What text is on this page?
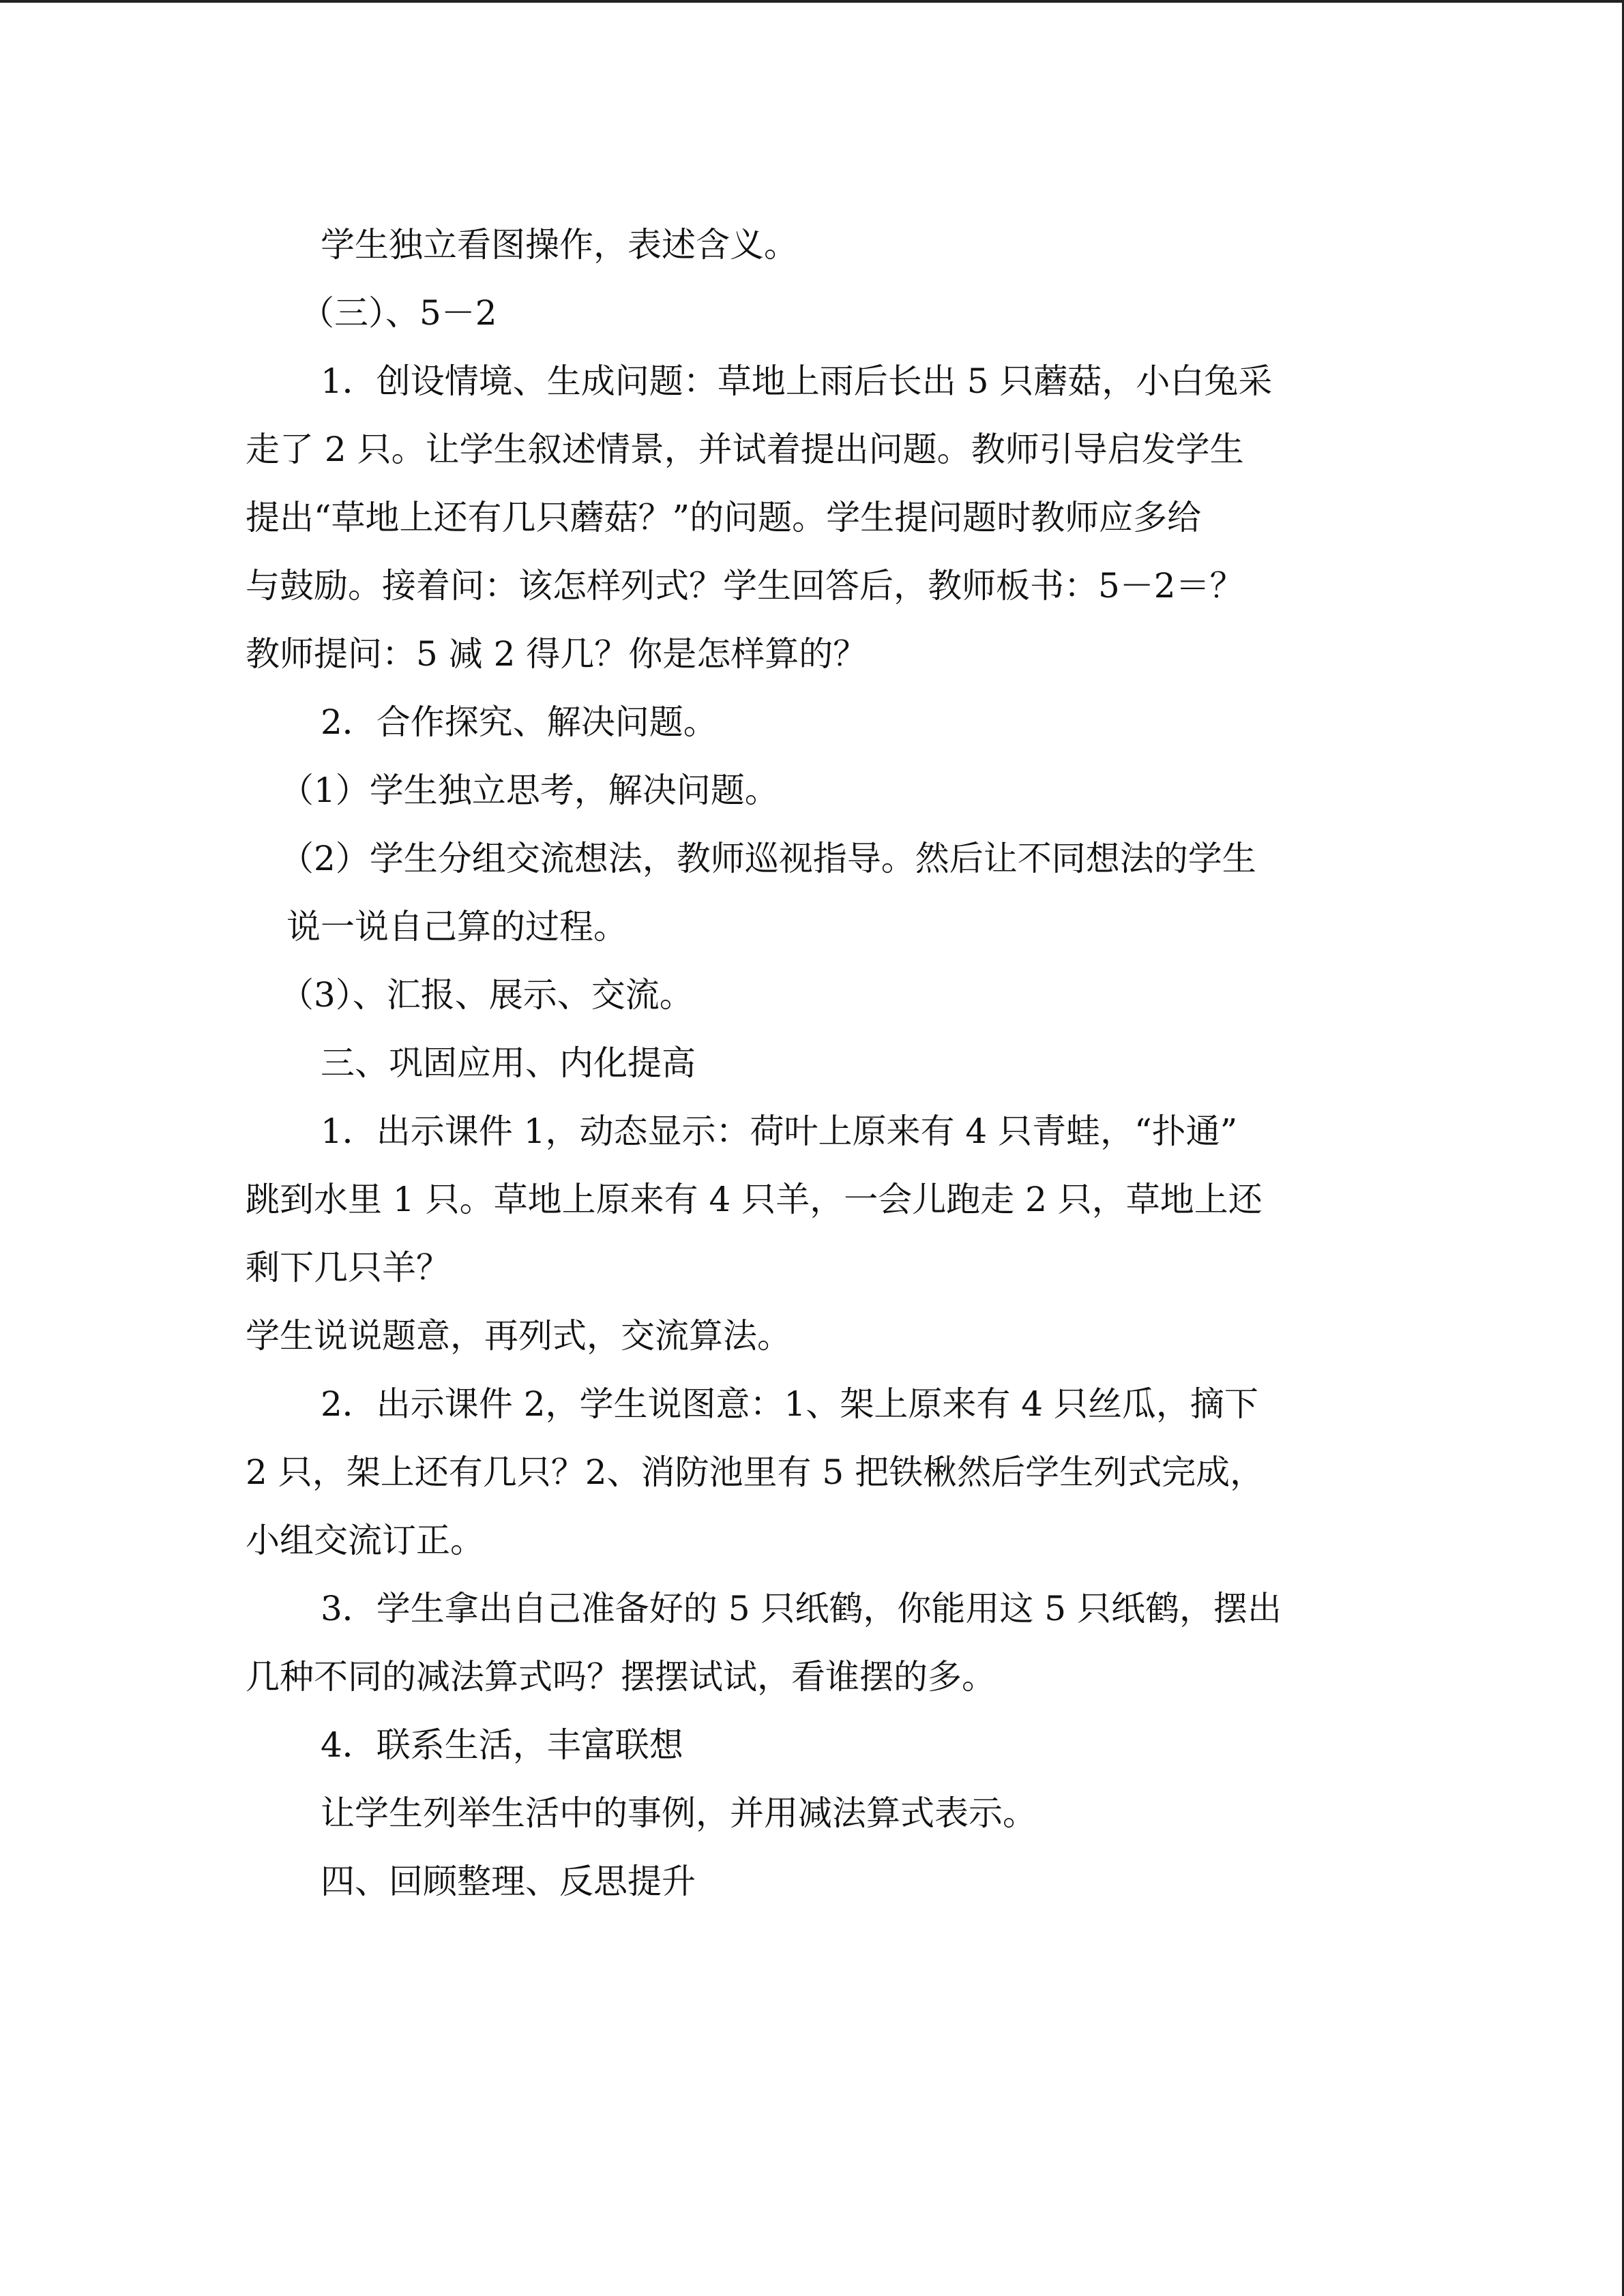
学生独立看图操作，表述含义。
（三）、5－2
1．创设情境、生成问题：草地上雨后长出 5 只蘑菇，小白兔采
走了 2 只。让学生叙述情景，并试着提出问题。教师引导启发学生
提出“草地上还有几只蘑菇？”的问题。学生提问题时教师应多给
与鼓励。接着问：该怎样列式？学生回答后，教师板书：5－2＝？
教师提问：5 减 2 得几？你是怎样算的？
2．合作探究、解决问题。
（1）学生独立思考，解决问题。
（2）学生分组交流想法，教师巡视指导。然后让不同想法的学生
说一说自己算的过程。
（3）、汇报、展示、交流。
三、巩固应用、内化提高
1．出示课件 1，动态显示：荷叶上原来有 4 只青蛙，“扑通”
跳到水里 1 只。草地上原来有 4 只羊，一会儿跑走 2 只，草地上还
剩下几只羊？
学生说说题意，再列式，交流算法。
2．出示课件 2，学生说图意：1、架上原来有 4 只丝瓜，摘下
2 只，架上还有几只？2、消防池里有 5 把铁楸然后学生列式完成，
小组交流订正。
3．学生拿出自己准备好的 5 只纸鹤，你能用这 5 只纸鹤，摆出
几种不同的减法算式吗？摆摆试试，看谁摆的多。
4．联系生活，丰富联想
让学生列举生活中的事例，并用减法算式表示。
四、回顾整理、反思提升
